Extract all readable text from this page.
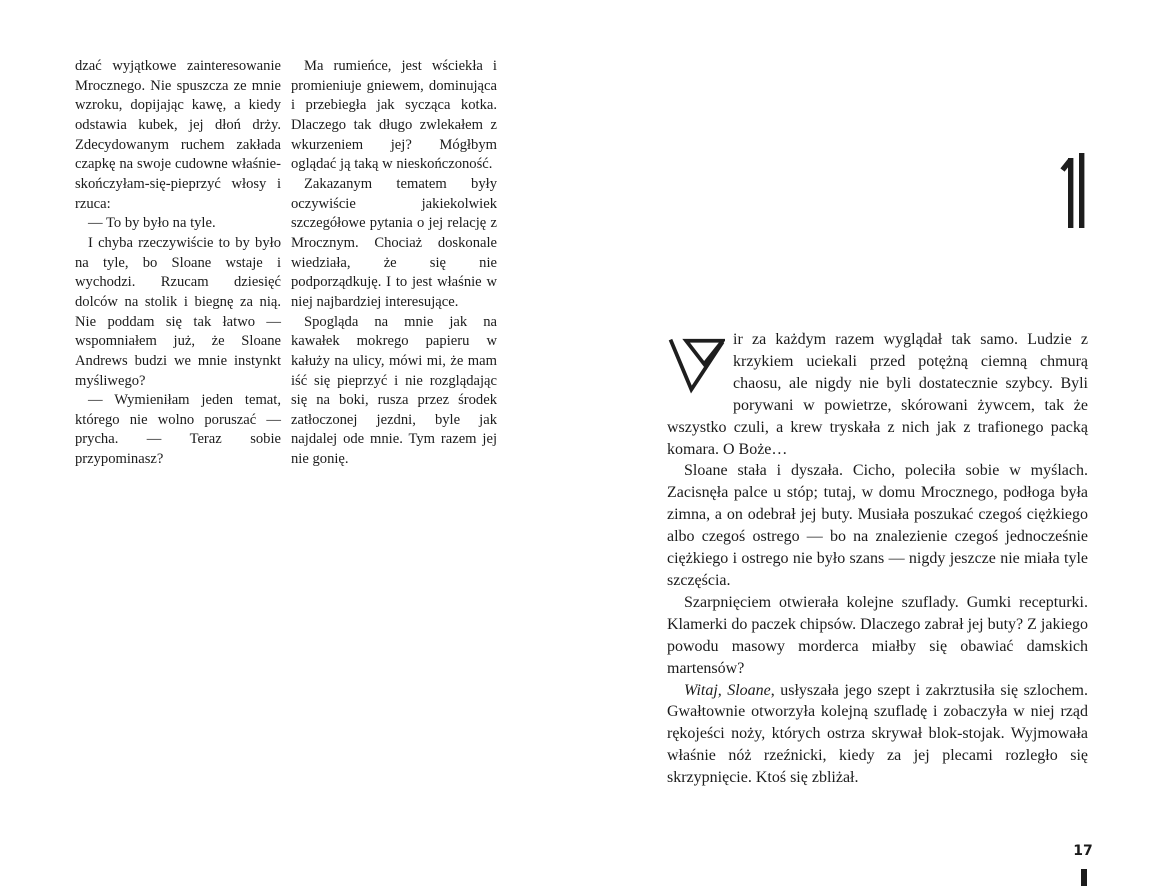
dzać wyjątkowe zainteresowanie Mrocznego. Nie spuszcza ze mnie wzroku, dopijając kawę, a kiedy odstawia kubek, jej dłoń drży. Zdecydowanym ruchem zakłada czapkę na swoje cudowne właśnie-skończyłam-się-pieprzyć włosy i rzuca:

— To by było na tyle.

I chyba rzeczywiście to by było na tyle, bo Sloane wstaje i wychodzi. Rzucam dziesięć dolców na stolik i biegnę za nią. Nie poddam się tak łatwo — wspomniałem już, że Sloane Andrews budzi we mnie instynkt myśliwego?

— Wymieniłam jeden temat, którego nie wolno poruszać — prycha. — Teraz sobie przypominasz?

Ma rumieńce, jest wściekła i promieniuje gniewem, dominująca i przebiegła jak sycząca kotka. Dlaczego tak długo zwlekałem z wkurzeniem jej? Mógłbym oglądać ją taką w nieskończoność.

Zakazanym tematem były oczywiście jakiekolwiek szczegółowe pytania o jej relację z Mrocznym. Chociaż doskonale wiedziała, że się nie podporządkuję. I to jest właśnie w niej najbardziej interesujące.

Spogląda na mnie jak na kawałek mokrego papieru w kałuży na ulicy, mówi mi, że mam iść się pieprzyć i nie rozglądając się na boki, rusza przez środek zatłoczonej jezdni, byle jak najdalej ode mnie. Tym razem jej nie gonię.

ir za każdym razem wyglądał tak samo. Ludzie z krzykiem uciekali przed potężną ciemną chmurą chaosu, ale nigdy nie byli dostatecznie szybcy. Byli porywani w powietrze, skórowani żywcem, tak że wszystko czuli, a krew tryskała z nich jak z trafionego packą komara. O Boże…

Sloane stała i dyszała. Cicho, poleciła sobie w myślach. Zacisnęła palce u stóp; tutaj, w domu Mrocznego, podłoga była zimna, a on odebrał jej buty. Musiała poszukać czegoś ciężkiego albo czegoś ostrego — bo na znalezienie czegoś jednocześnie ciężkiego i ostrego nie było szans — nigdy jeszcze nie miała tyle szczęścia.

Szarpnięciem otwierała kolejne szuflady. Gumki recepturki. Klamerki do paczek chipsów. Dlaczego zabrał jej buty? Z jakiego powodu masowy morderca miałby się obawiać damskich martensów?

Witaj, Sloane, usłyszała jego szept i zakrztusiła się szlochem. Gwałtownie otworzyła kolejną szufladę i zobaczyła w niej rząd rękojeści noży, których ostrza skrywał blok-stojak. Wyjmowała właśnie nóż rzeźnicki, kiedy za jej plecami rozległo się skrzypnięcie. Ktoś się zbliżał.

17
